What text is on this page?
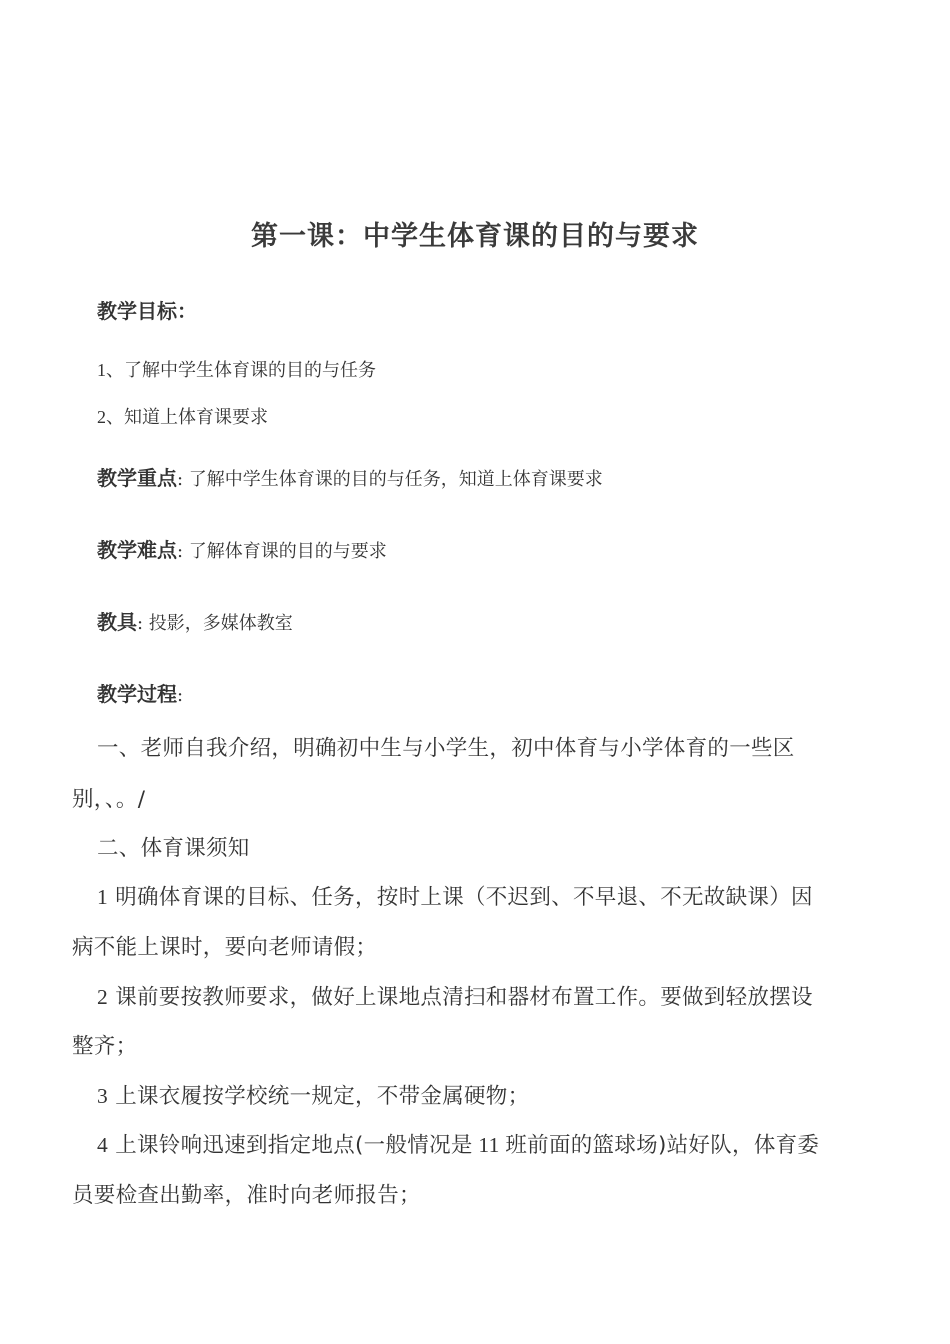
第一课：中学生体育课的目的与要求

教学目标：

1、了解中学生体育课的目的与任务

2、知道上体育课要求

教学重点: 了解中学生体育课的目的与任务，知道上体育课要求

教学难点: 了解体育课的目的与要求

教具: 投影，多媒体教室

教学过程:

一、老师自我介绍，明确初中生与小学生，初中体育与小学体育的一些区

别，、。/

二、体育课须知

1 明确体育课的目标、任务，按时上课（不迟到、不早退、不无故缺课）因

病不能上课时，要向老师请假；

2 课前要按教师要求，做好上课地点清扫和器材布置工作。要做到轻放摆设

整齐；

3 上课衣履按学校统一规定，不带金属硬物；

4 上课铃响迅速到指定地点(一般情况是 11 班前面的篮球场)站好队，体育委

员要检查出勤率，准时向老师报告；
